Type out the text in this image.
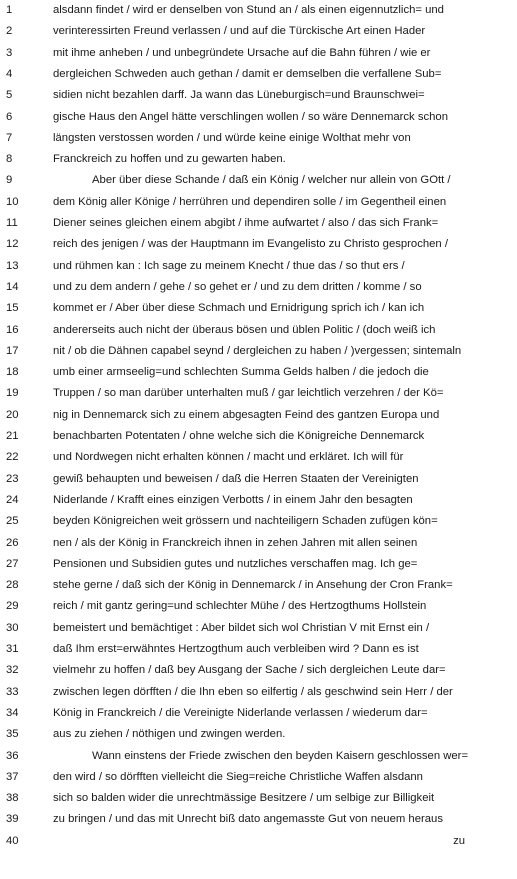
1	alsdann findet / wird er denselben von Stund an / als einen eigennutzlich= und
2	verinteressirten Freund verlassen / und auf die Türckische Art einen Hader
3	mit ihme anheben / und unbegründete Ursache auf die Bahn führen / wie er
4	dergleichen Schweden auch gethan / damit er demselben die verfallene Sub=
5	sidien nicht bezahlen darff. Ja wann das Lüneburgisch=und Braunschwei=
6	gische Haus den Angel hätte verschlingen wollen / so wäre Dennemarck schon
7	längsten verstossen worden / und würde keine einige Wolthat mehr von
8	Franckreich zu hoffen und zu gewarten haben.
9	Aber über diese Schande / daß ein König / welcher nur allein von GOtt /
10	dem König aller Könige / herrühren und dependiren solle / im Gegentheil einen
11	Diener seines gleichen einem abgibt / ihme aufwartet / also / das sich Frank=
12	reich des jenigen / was der Hauptmann im Evangelisto zu Christo gesprochen /
13	und rühmen kan : Ich sage zu meinem Knecht / thue das / so thut ers /
14	und zu dem andern / gehe / so gehet er / und zu dem dritten / komme / so
15	kommet er / Aber über diese Schmach und Ernidrigung sprich ich / kan ich
16	andererseits auch nicht der überaus bösen und üblen Politic / (doch weiß ich
17	nit / ob die Dähnen capabel seynd / dergleichen zu haben / )vergessen; sintemaln
18	umb einer armseelig=und schlechten Summa Gelds halben / die jedoch die
19	Truppen / so man darüber unterhalten muß / gar leichtlich verzehren / der Kö=
20	nig in Dennemarck sich zu einem abgesagten Feind des gantzen Europa und
21	benachbarten Potentaten / ohne welche sich die Königreiche Dennemarck
22	und Nordwegen nicht erhalten können / macht und erkläret. Ich will für
23	gewiß behaupten und beweisen / daß die Herren Staaten der Vereinigten
24	Niderlande / Krafft eines einzigen Verbotts / in einem Jahr den besagten
25	beyden Königreichen weit grössern und nachteiligern Schaden zufügen kön=
26	nen / als der König in Franckreich ihnen in zehen Jahren mit allen seinen
27	Pensionen und Subsidien gutes und nutzliches verschaffen mag. Ich ge=
28	stehe gerne / daß sich der König in Dennemarck / in Ansehung der Cron Frank=
29	reich / mit gantz gering=und schlechter Mühe / des Hertzogthums Hollstein
30	bemeistert und bemächtiget : Aber bildet sich wol Christian V mit Ernst ein /
31	daß Ihm erst=erwähntes Hertzogthum auch verbleiben wird ? Dann es ist
32	vielmehr zu hoffen / daß bey Ausgang der Sache / sich dergleichen Leute dar=
33	zwischen legen dörfften / die Ihn eben so eilfertig / als geschwind sein Herr / der
34	König in Franckreich / die Vereinigte Niderlande verlassen / wiederum dar=
35	aus zu ziehen / nöthigen und zwingen werden.
36	Wann einstens der Friede zwischen den beyden Kaisern geschlossen wer=
37	den wird / so dörfften vielleicht die Sieg=reiche Christliche Waffen alsdann
38	sich so balden wider die unrechtmässige Besitzere / um selbige zur Billigkeit
39	zu bringen / und das mit Unrecht biß dato angemasste Gut von neuem heraus
40	zu
